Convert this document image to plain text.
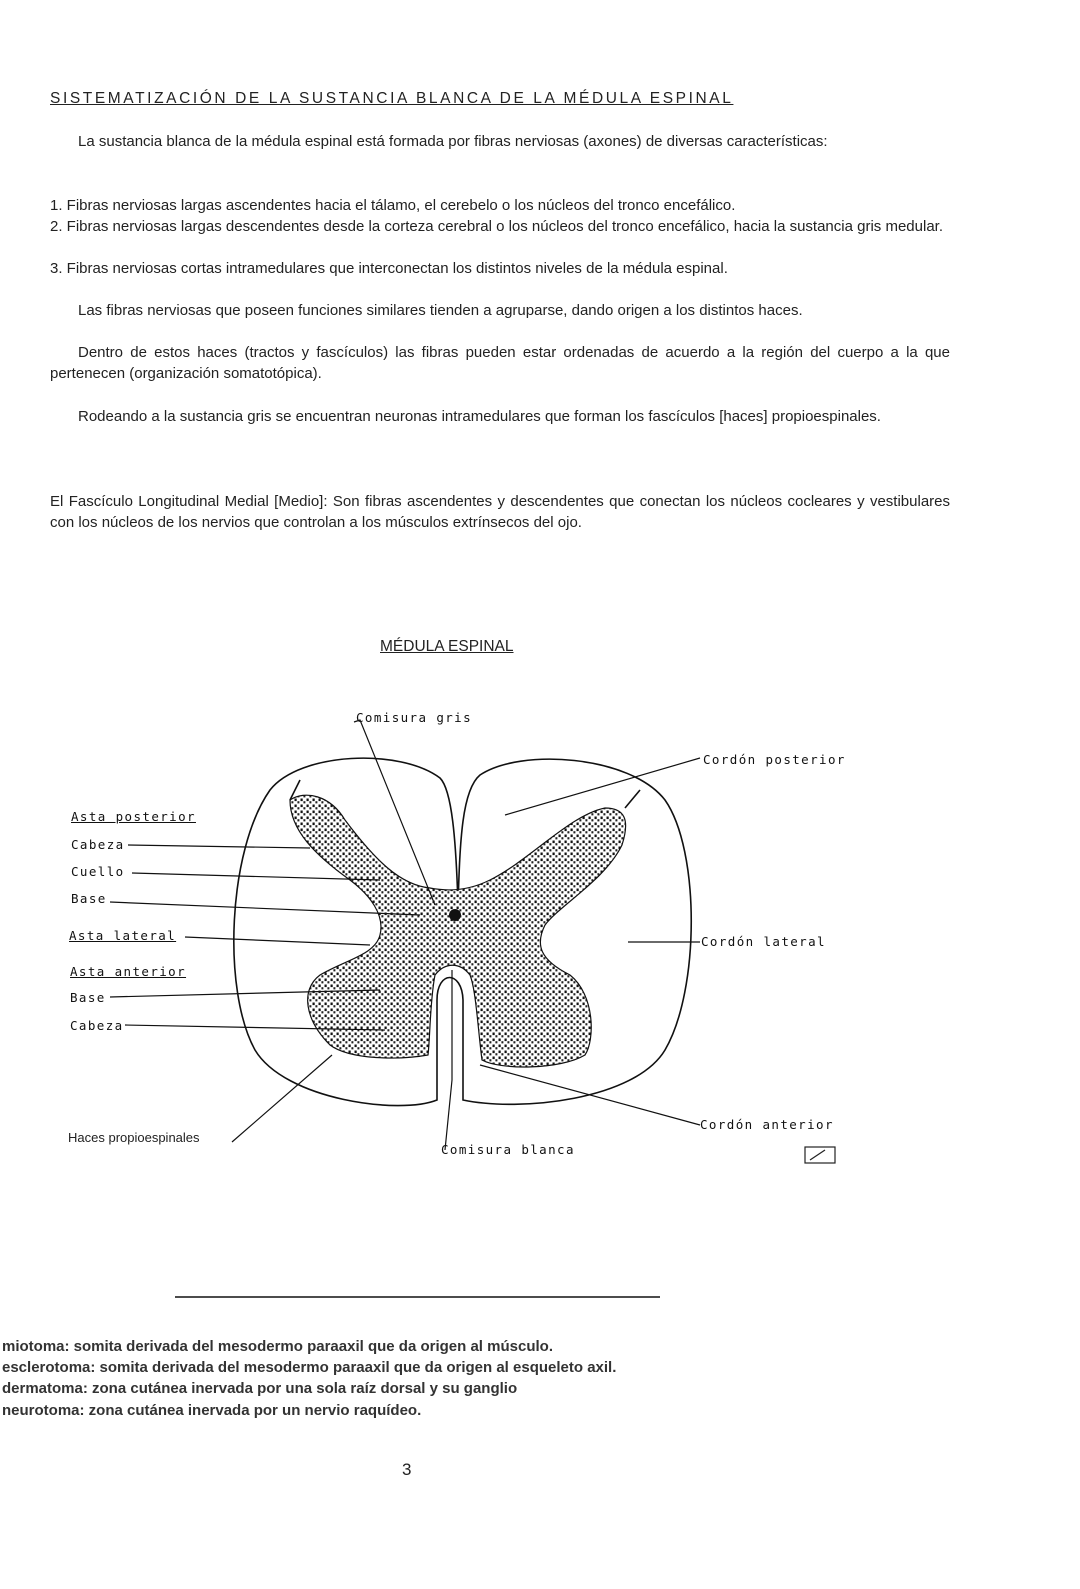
SISTEMATIZACIÓN DE LA SUSTANCIA BLANCA DE LA MÉDULA ESPINAL
La sustancia blanca de la médula espinal está formada por fibras nerviosas (axones) de diversas características:
1. Fibras nerviosas largas ascendentes hacia el tálamo, el cerebelo o los núcleos del tronco encefálico.
2. Fibras nerviosas largas descendentes desde la corteza cerebral o los núcleos del tronco encefálico, hacia la sustancia gris medular.
3. Fibras nerviosas cortas intramedulares que interconectan los distintos niveles de la médula espinal.
Las fibras nerviosas que poseen funciones similares tienden a agruparse, dando origen a los distintos haces.
Dentro de estos haces (tractos y fascículos) las fibras pueden estar ordenadas de acuerdo a la región del cuerpo a la que pertenecen (organización somatotópica).
Rodeando a la sustancia gris se encuentran neuronas intramedulares que forman los fascículos [haces] propioespinales.
El Fascículo Longitudinal Medial [Medio]: Son fibras ascendentes y descendentes que conectan los núcleos cocleares y vestibulares con los núcleos de los nervios que controlan a los músculos extrínsecos del ojo.
MÉDULA ESPINAL
Comisura gris
Cordón posterior
Asta posterior
Cabeza
Cuello
Base
Asta lateral	Cordón lateral
Asta anterior
Base
Cabeza
Haces propioespinales
Cordón anterior
Comisura blanca
miotoma: somita derivada del mesodermo paraaxil que da origen al músculo.
esclerotoma: somita derivada del mesodermo paraaxil que da origen al esqueleto axil.
dermatoma: zona cutánea inervada por una sola raíz dorsal y su ganglio
neurotoma: zona cutánea inervada por un nervio raquídeo.
3
